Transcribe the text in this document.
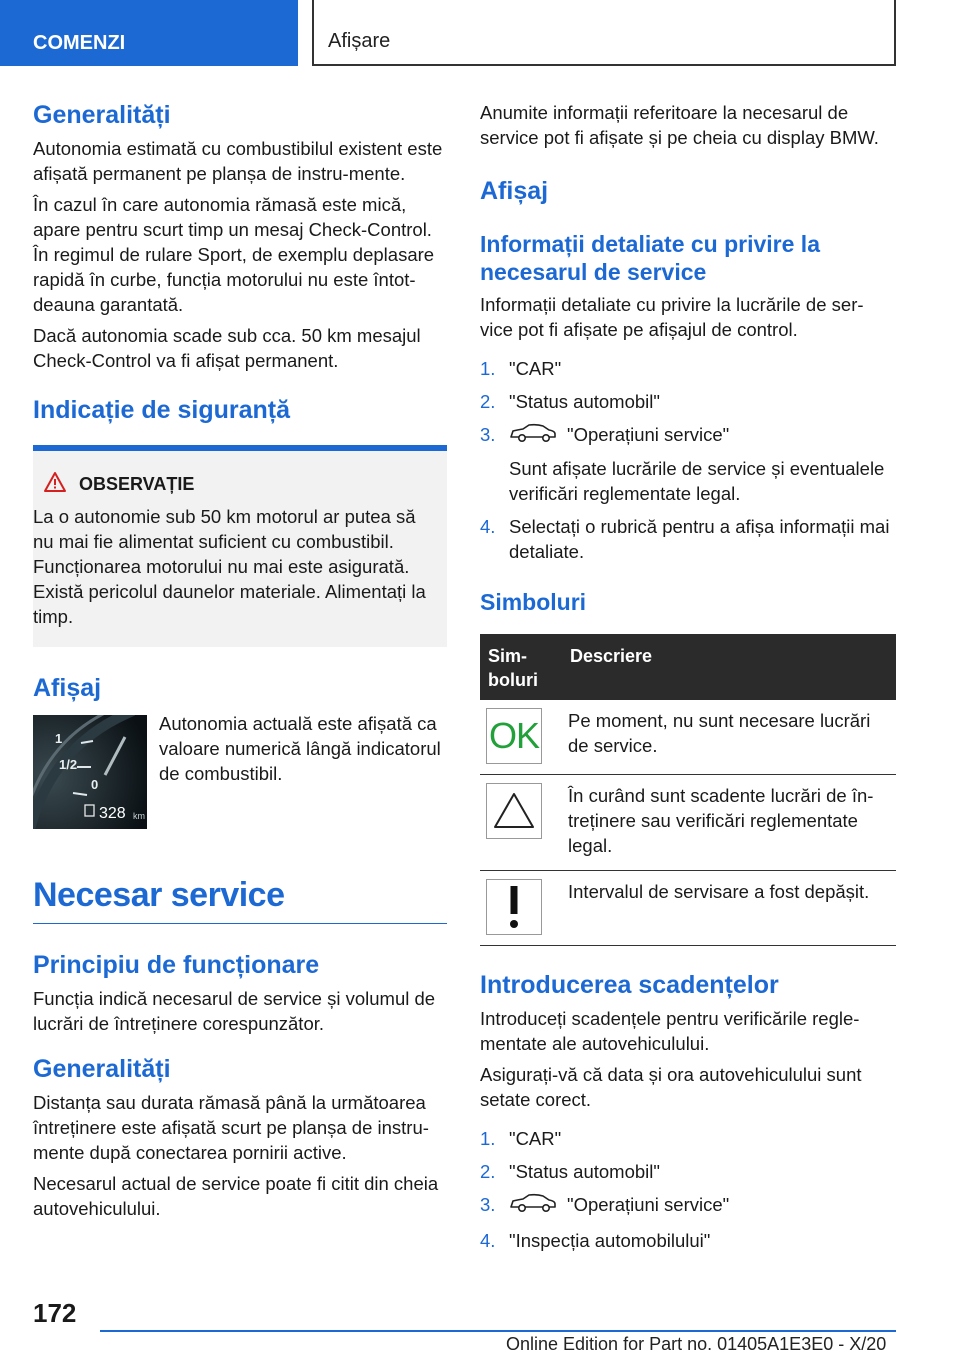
COMENZI	Afișare
Generalități

Autonomia estimată cu combustibilul existent este afișată permanent pe planșa de instru-mente.

În cazul în care autonomia rămasă este mică, apare pentru scurt timp un mesaj Check-Control. În regimul de rulare Sport, de exemplu deplasare rapidă în curbe, funcția motorului nu este întot-deauna garantată.

Dacă autonomia scade sub cca. 50 km mesajul Check-Control va fi afișat permanent.

Indicație de siguranță
OBSERVAȚIE

La o autonomie sub 50 km motorul ar putea să nu mai fie alimentat suficient cu combustibil. Funcționarea motorului nu mai este asigurată. Există pericolul daunelor materiale. Alimentați la timp.

Afișaj
1
1/2
0
328 km

Autonomia actuală este afișată ca valoare numerică lângă indicatorul de combustibil.

Necesar service
Principiu de funcționare

Funcția indică necesarul de service și volumul de lucrări de întreținere corespunzător.

Generalități

Distanța sau durata rămasă până la următoarea întreținere este afișată scurt pe planșa de instru-mente după conectarea pornirii active.

Necesarul actual de service poate fi citit din cheia autovehiculului.

Anumite informații referitoare la necesarul de service pot fi afișate și pe cheia cu display BMW.

Afișaj
Informații detaliate cu privire la necesarul de service

Informații detaliate cu privire la lucrările de ser-vice pot fi afișate pe afișajul de control.

1. "CAR"
2. "Status automobil"
3.	"Operațiuni service"
Sunt afișate lucrările de service și eventualele verificări reglementate legal.
4. Selectați o rubrică pentru a afișa informații mai detaliate.
Simboluri
Sim-boluri	Descriere

OK	Pe moment, nu sunt necesare lucrări de service.

	În curând sunt scadente lucrări de în-treținere sau verificări reglementate legal.

	Intervalul de servisare a fost depășit.
Introducerea scadențelor

Introduceți scadențele pentru verificările regle-mentate ale autovehiculului.

Asigurați-vă că data și ora autovehiculului sunt setate corect.

1. "CAR"
2. "Status automobil"
3.	"Operațiuni service"
4. "Inspecția automobilului"
172
Online Edition for Part no. 01405A1E3E0 - X/20
